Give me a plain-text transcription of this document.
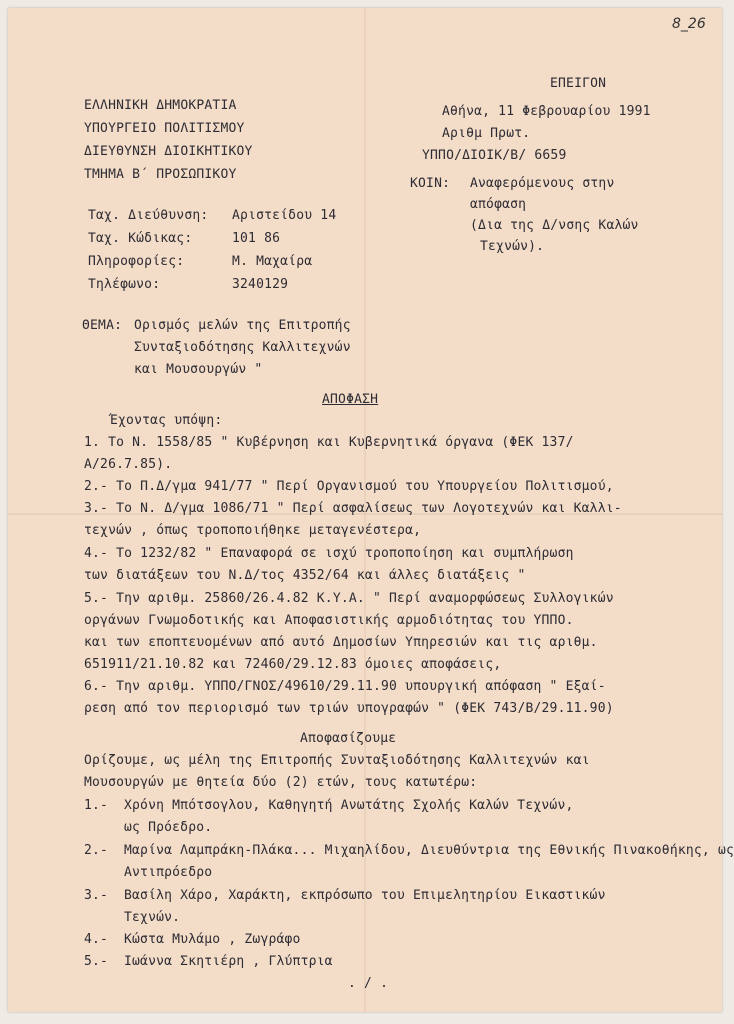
8_26
ΕΠΕΙΓΟΝ
ΕΛΛΗΝΙΚΗ ΔΗΜΟΚΡΑΤΙΑ
ΥΠΟΥΡΓΕΙΟ ΠΟΛΙΤΙΣΜΟΥ
ΔΙΕΥΘΥΝΣΗ ΔΙΟΙΚΗΤΙΚΟΥ
ΤΜΗΜΑ Β΄ ΠΡΟΣΩΠΙΚΟΥ
Αθήνα, 11 Φεβρουαρίου 1991
Αριθμ Πρωτ.
ΥΠΠΟ/ΔΙΟΙΚ/Β/ 6659
ΚΟΙΝ: Αναφερόμενους στην
απόφαση
(Δια της Δ/νσης Καλών
Τεχνών).
Ταχ. Διεύθυνση: Αριστείδου 14
Ταχ. Κώδικας:	101 86
Πληροφορίες:	Μ. Μαχαίρα
Τηλέφωνο:	3240129
ΘΕΜΑ: Ορισμός μελών της Επιτροπής
Συνταξιοδότησης Καλλιτεχνών
και Μουσουργών "
ΑΠΟΦΑΣΗ
Έχοντας υπόψη:
1. Το Ν. 1558/85 " Κυβέρνηση και Κυβερνητικά όργανα (ΦΕΚ 137/
Α/26.7.85).
2.- Το Π.Δ/γμα 941/77 " Περί Οργανισμού του Υπουργείου Πολιτισμού,
3.- Το Ν. Δ/γμα 1086/71 " Περί ασφαλίσεως των Λογοτεχνών και Καλλι-
τεχνών , όπως τροποποιήθηκε μεταγενέστερα,
4.- Το 1232/82 " Επαναφορά σε ισχύ τροποποίηση και συμπλήρωση
των διατάξεων του Ν.Δ/τος 4352/64 και άλλες διατάξεις "
5.- Την αριθμ. 25860/26.4.82 Κ.Υ.Α. " Περί αναμορφώσεως Συλλογικών
οργάνων Γνωμοδοτικής και Αποφασιστικής αρμοδιότητας του ΥΠΠΟ.
και των εποπτευομένων από αυτό Δημοσίων Υπηρεσιών και τις αριθμ.
651911/21.10.82 και 72460/29.12.83 όμοιες αποφάσεις,
6.- Την αριθμ. ΥΠΠΟ/ΓΝΟΣ/49610/29.11.90 υπουργική απόφαση " Εξαί-
ρεση από τον περιορισμό των τριών υπογραφών " (ΦΕΚ 743/Β/29.11.90)
Αποφασίζουμε
Ορίζουμε, ως μέλη της Επιτροπής Συνταξιοδότησης Καλλιτεχνών και
Μουσουργών με θητεία δύο (2) ετών, τους κατωτέρω:
1.- Χρόνη Μπότσογλου, Καθηγητή Ανωτάτης Σχολής Καλών Τεχνών,
ως Πρόεδρο.
2.- Μαρίνα Λαμπράκη-Πλάκα... Μιχαηλίδου, Διευθύντρια της Εθνικής Πινακοθήκης, ως
Αντιπρόεδρο
3.- Βασίλη Χάρο, Χαράκτη, εκπρόσωπο του Επιμελητηρίου Εικαστικών
Τεχνών.
4.- Κώστα Μυλάμο , Ζωγράφο
5.- Ιωάννα Σκητιέρη , Γλύπτρια
. / .
